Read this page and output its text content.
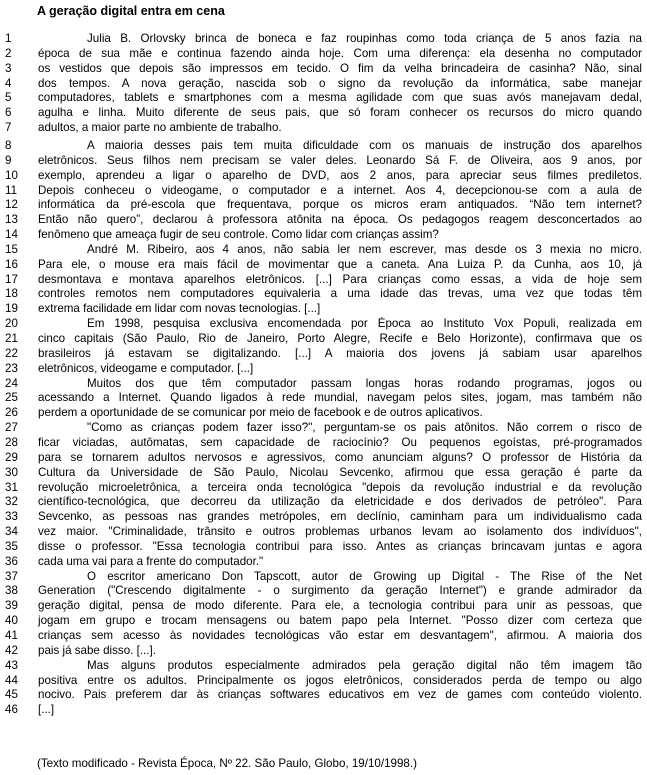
A geração digital entra em cena
1	Julia B. Orlovsky brinca de boneca e faz roupinhas como toda criança de 5 anos fazia na
2	época de sua mãe e continua fazendo ainda hoje. Com uma diferença: ela desenha no computador
3	os vestidos que depois são impressos em tecido. O fim da velha brincadeira de casinha? Não, sinal
4	dos tempos. A nova geração, nascida sob o signo da revolução da informática, sabe manejar
5	computadores, tablets e smartphones com a mesma agilidade com que suas avós manejavam dedal,
6	agulha e linha. Muito diferente de seus pais, que só foram conhecer os recursos do micro quando
7	adultos, a maior parte no ambiente de trabalho.
8	A maioria desses pais tem muita dificuldade com os manuais de instrução dos aparelhos
9	eletrônicos. Seus filhos nem precisam se valer deles. Leonardo Sá F. de Oliveira, aos 9 anos, por
10	exemplo, aprendeu a ligar o aparelho de DVD, aos 2 anos, para apreciar seus filmes prediletos.
11	Depois conheceu o videogame, o computador e a internet. Aos 4, decepcionou-se com a aula de
12	informática da pré-escola que frequentava, porque os micros eram antiquados. “Não tem internet?
13	Então não quero”, declarou à professora atônita na época. Os pedagogos reagem desconcertados ao
14	fenômeno que ameaça fugir de seu controle. Como lidar com crianças assim?
15	André M. Ribeiro, aos 4 anos, não sabia ler nem escrever, mas desde os 3 mexia no micro.
16	Para ele, o mouse era mais fácil de movimentar que a caneta. Ana Luiza P. da Cunha, aos 10, já
17	desmontava e montava aparelhos eletrônicos. [...] Para crianças como essas, a vida de hoje sem
18	controles remotos nem computadores equivaleria a uma idade das trevas, uma vez que todas têm
19	extrema facilidade em lidar com novas tecnologias. [...]
20	Em 1998, pesquisa exclusiva encomendada por Época ao Instituto Vox Populi, realizada em
21	cinco capitais (São Paulo, Rio de Janeiro, Porto Alegre, Recife e Belo Horizonte), confirmava que os
22	brasileiros já estavam se digitalizando. [...] A maioria dos jovens já sabiam usar aparelhos
23	eletrônicos, videogame e computador. [...]
24	Muitos dos que têm computador passam longas horas rodando programas, jogos ou
25	acessando a Internet. Quando ligados à rede mundial, navegam pelos sites, jogam, mas também não
26	perdem a oportunidade de se comunicar por meio de facebook e de outros aplicativos.
27	"Como as crianças podem fazer isso?", perguntam-se os pais atônitos. Não correm o risco de
28	ficar viciadas, autômatas, sem capacidade de raciocínio? Ou pequenos egoístas, pré-programados
29	para se tornarem adultos nervosos e agressivos, como anunciam alguns? O professor de História da
30	Cultura da Universidade de São Paulo, Nicolau Sevcenko, afirmou que essa geração é parte da
31	revolução microeletrônica, a terceira onda tecnológica "depois da revolução industrial e da revolução
32	científico-tecnológica, que decorreu da utilização da eletricidade e dos derivados de petróleo". Para
33	Sevcenko, as pessoas nas grandes metrópoles, em declínio, caminham para um individualismo cada
34	vez maior. "Criminalidade, trânsito e outros problemas urbanos levam ao isolamento dos indivíduos",
35	disse o professor. "Essa tecnologia contribui para isso. Antes as crianças brincavam juntas e agora
36	cada uma vai para a frente do computador."
37	O escritor americano Don Tapscott, autor de Growing up Digital - The Rise of the Net
38	Generation ("Crescendo digitalmente - o surgimento da geração Internet") e grande admirador da
39	geração digital, pensa de modo diferente. Para ele, a tecnologia contribui para unir as pessoas, que
40	jogam em grupo e trocam mensagens ou batem papo pela Internet. "Posso dizer com certeza que
41	crianças sem acesso às novidades tecnológicas vão estar em desvantagem", afirmou. A maioria dos
42	pais já sabe disso. [...].
43	Mas alguns produtos especialmente admirados pela geração digital não têm imagem tão
44	positiva entre os adultos. Principalmente os jogos eletrônicos, considerados perda de tempo ou algo
45	nocivo. Pais preferem dar às crianças softwares educativos em vez de games com conteúdo violento.
46	[...]
(Texto modificado - Revista Época, Nº 22. São Paulo, Globo, 19/10/1998.)
